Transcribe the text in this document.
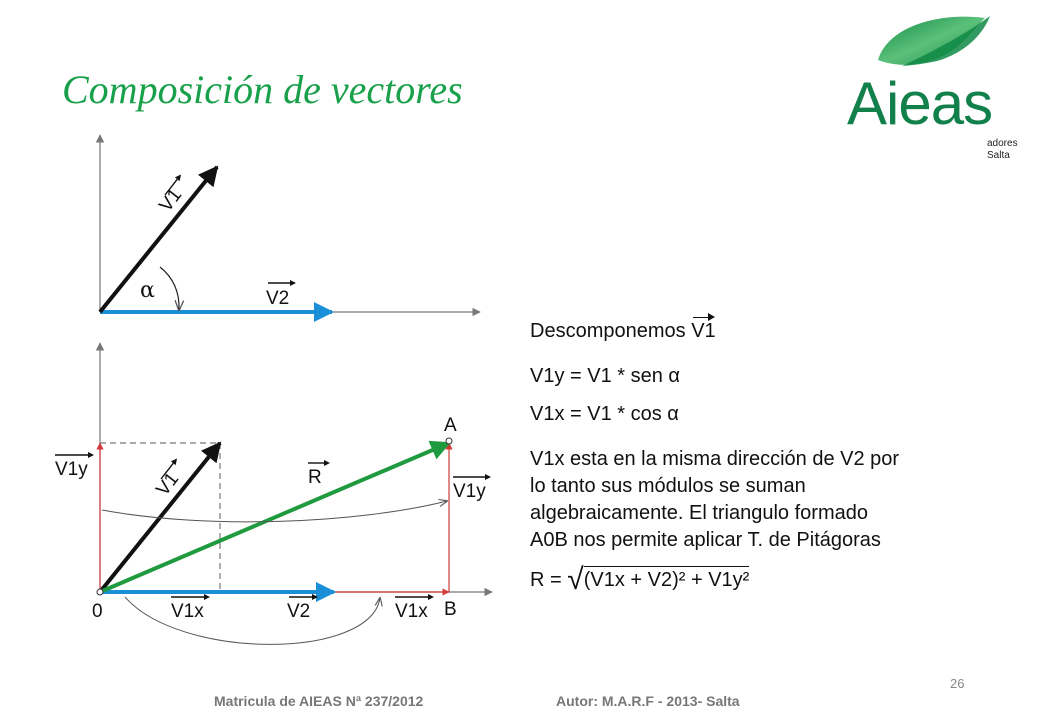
Composición de vectores	Aieas
adores
Salta
α
V1
V2
V1y
V1y
V1	R
A
B
0	V1x	V2	V1x
Descomponemos V1
V1y = V1 * sen α
V1x = V1 * cos α
V1x esta en la misma dirección de V2 por
lo tanto sus módulos se suman
algebraicamente. El triangulo formado
A0B nos permite aplicar T. de Pitágoras
R = √(V1x + V2)² + V1y²
Matricula de AIEAS Nª 237/2012	Autor: M.A.R.F - 2013- Salta
26
